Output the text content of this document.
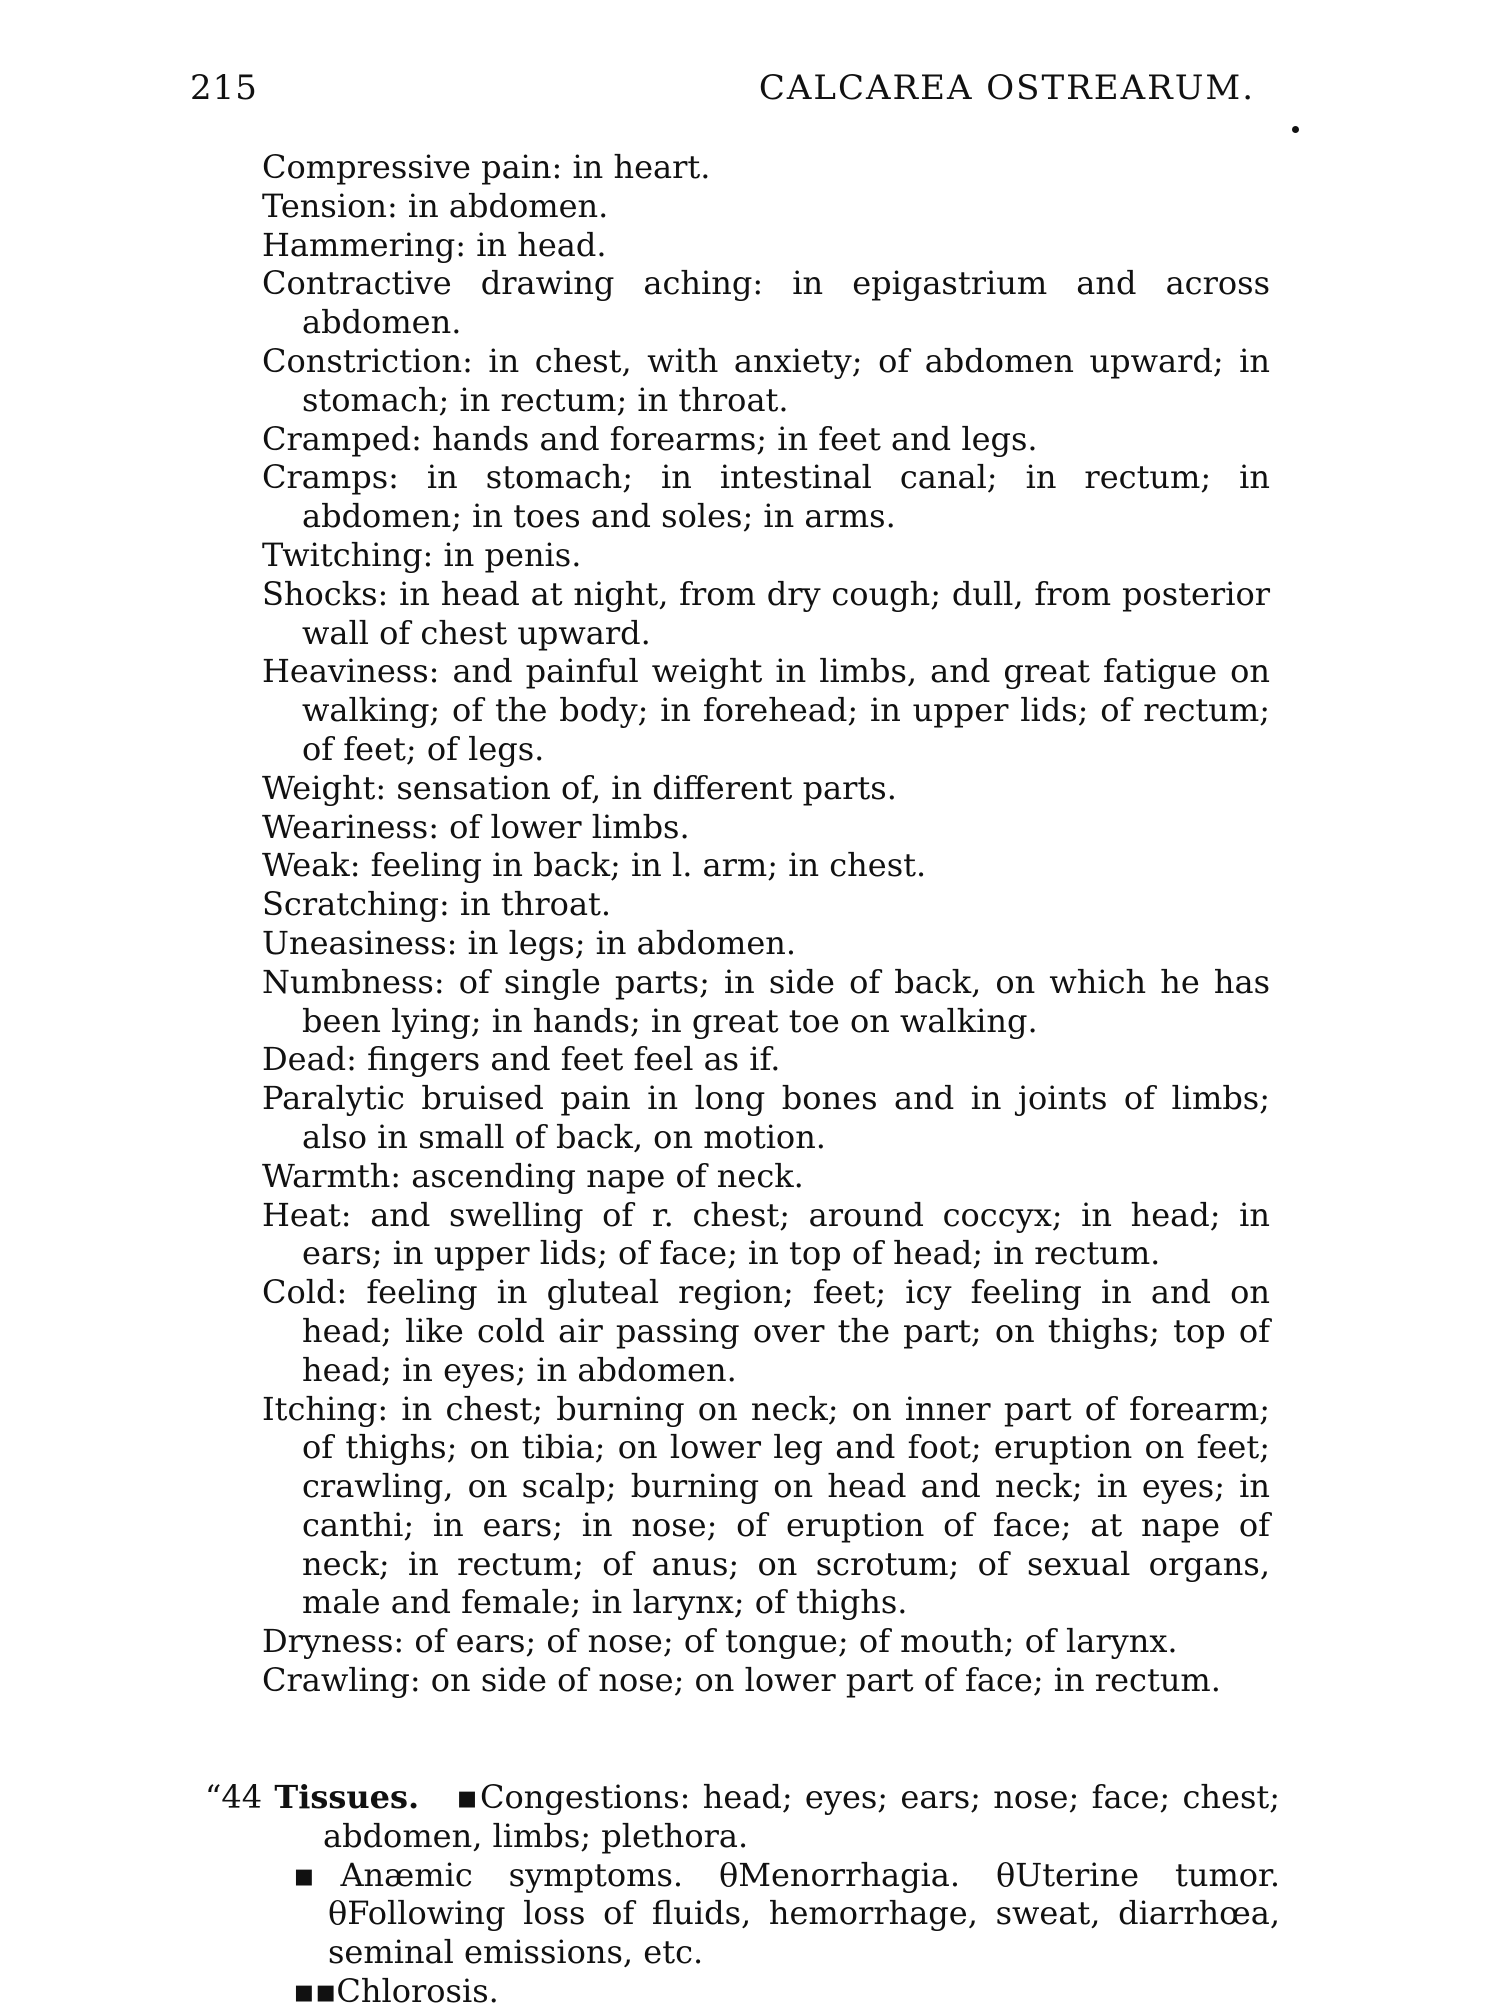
215	CALCAREA OSTREARUM.
Compressive pain: in heart.
Tension: in abdomen.
Hammering: in head.
Contractive drawing aching: in epigastrium and across abdomen.
Constriction: in chest, with anxiety; of abdomen upward; in stomach; in rectum; in throat.
Cramped: hands and forearms; in feet and legs.
Cramps: in stomach; in intestinal canal; in rectum; in abdomen; in toes and soles; in arms.
Twitching: in penis.
Shocks: in head at night, from dry cough; dull, from posterior wall of chest upward.
Heaviness: and painful weight in limbs, and great fatigue on walking; of the body; in forehead; in upper lids; of rectum; of feet; of legs.
Weight: sensation of, in different parts.
Weariness: of lower limbs.
Weak: feeling in back; in l. arm; in chest.
Scratching: in throat.
Uneasiness: in legs; in abdomen.
Numbness: of single parts; in side of back, on which he has been lying; in hands; in great toe on walking.
Dead: fingers and feet feel as if.
Paralytic bruised pain in long bones and in joints of limbs; also in small of back, on motion.
Warmth: ascending nape of neck.
Heat: and swelling of r. chest; around coccyx; in head; in ears; in upper lids; of face; in top of head; in rectum.
Cold: feeling in gluteal region; feet; icy feeling in and on head; like cold air passing over the part; on thighs; top of head; in eyes; in abdomen.
Itching: in chest; burning on neck; on inner part of forearm; of thighs; on tibia; on lower leg and foot; eruption on feet; crawling, on scalp; burning on head and neck; in eyes; in canthi; in ears; in nose; of eruption of face; at nape of neck; in rectum; of anus; on scrotum; of sexual organs, male and female; in larynx; of thighs.
Dryness: of ears; of nose; of tongue; of mouth; of larynx.
Crawling: on side of nose; on lower part of face; in rectum.
“44 Tissues.   ▪Congestions: head; eyes; ears; nose; face; chest; abdomen, limbs; plethora.
▪Anæmic symptoms. θMenorrhagia. θUterine tumor. θFollowing loss of fluids, hemorrhage, sweat, diarrhœa, seminal emissions, etc.
▪▪Chlorosis.
